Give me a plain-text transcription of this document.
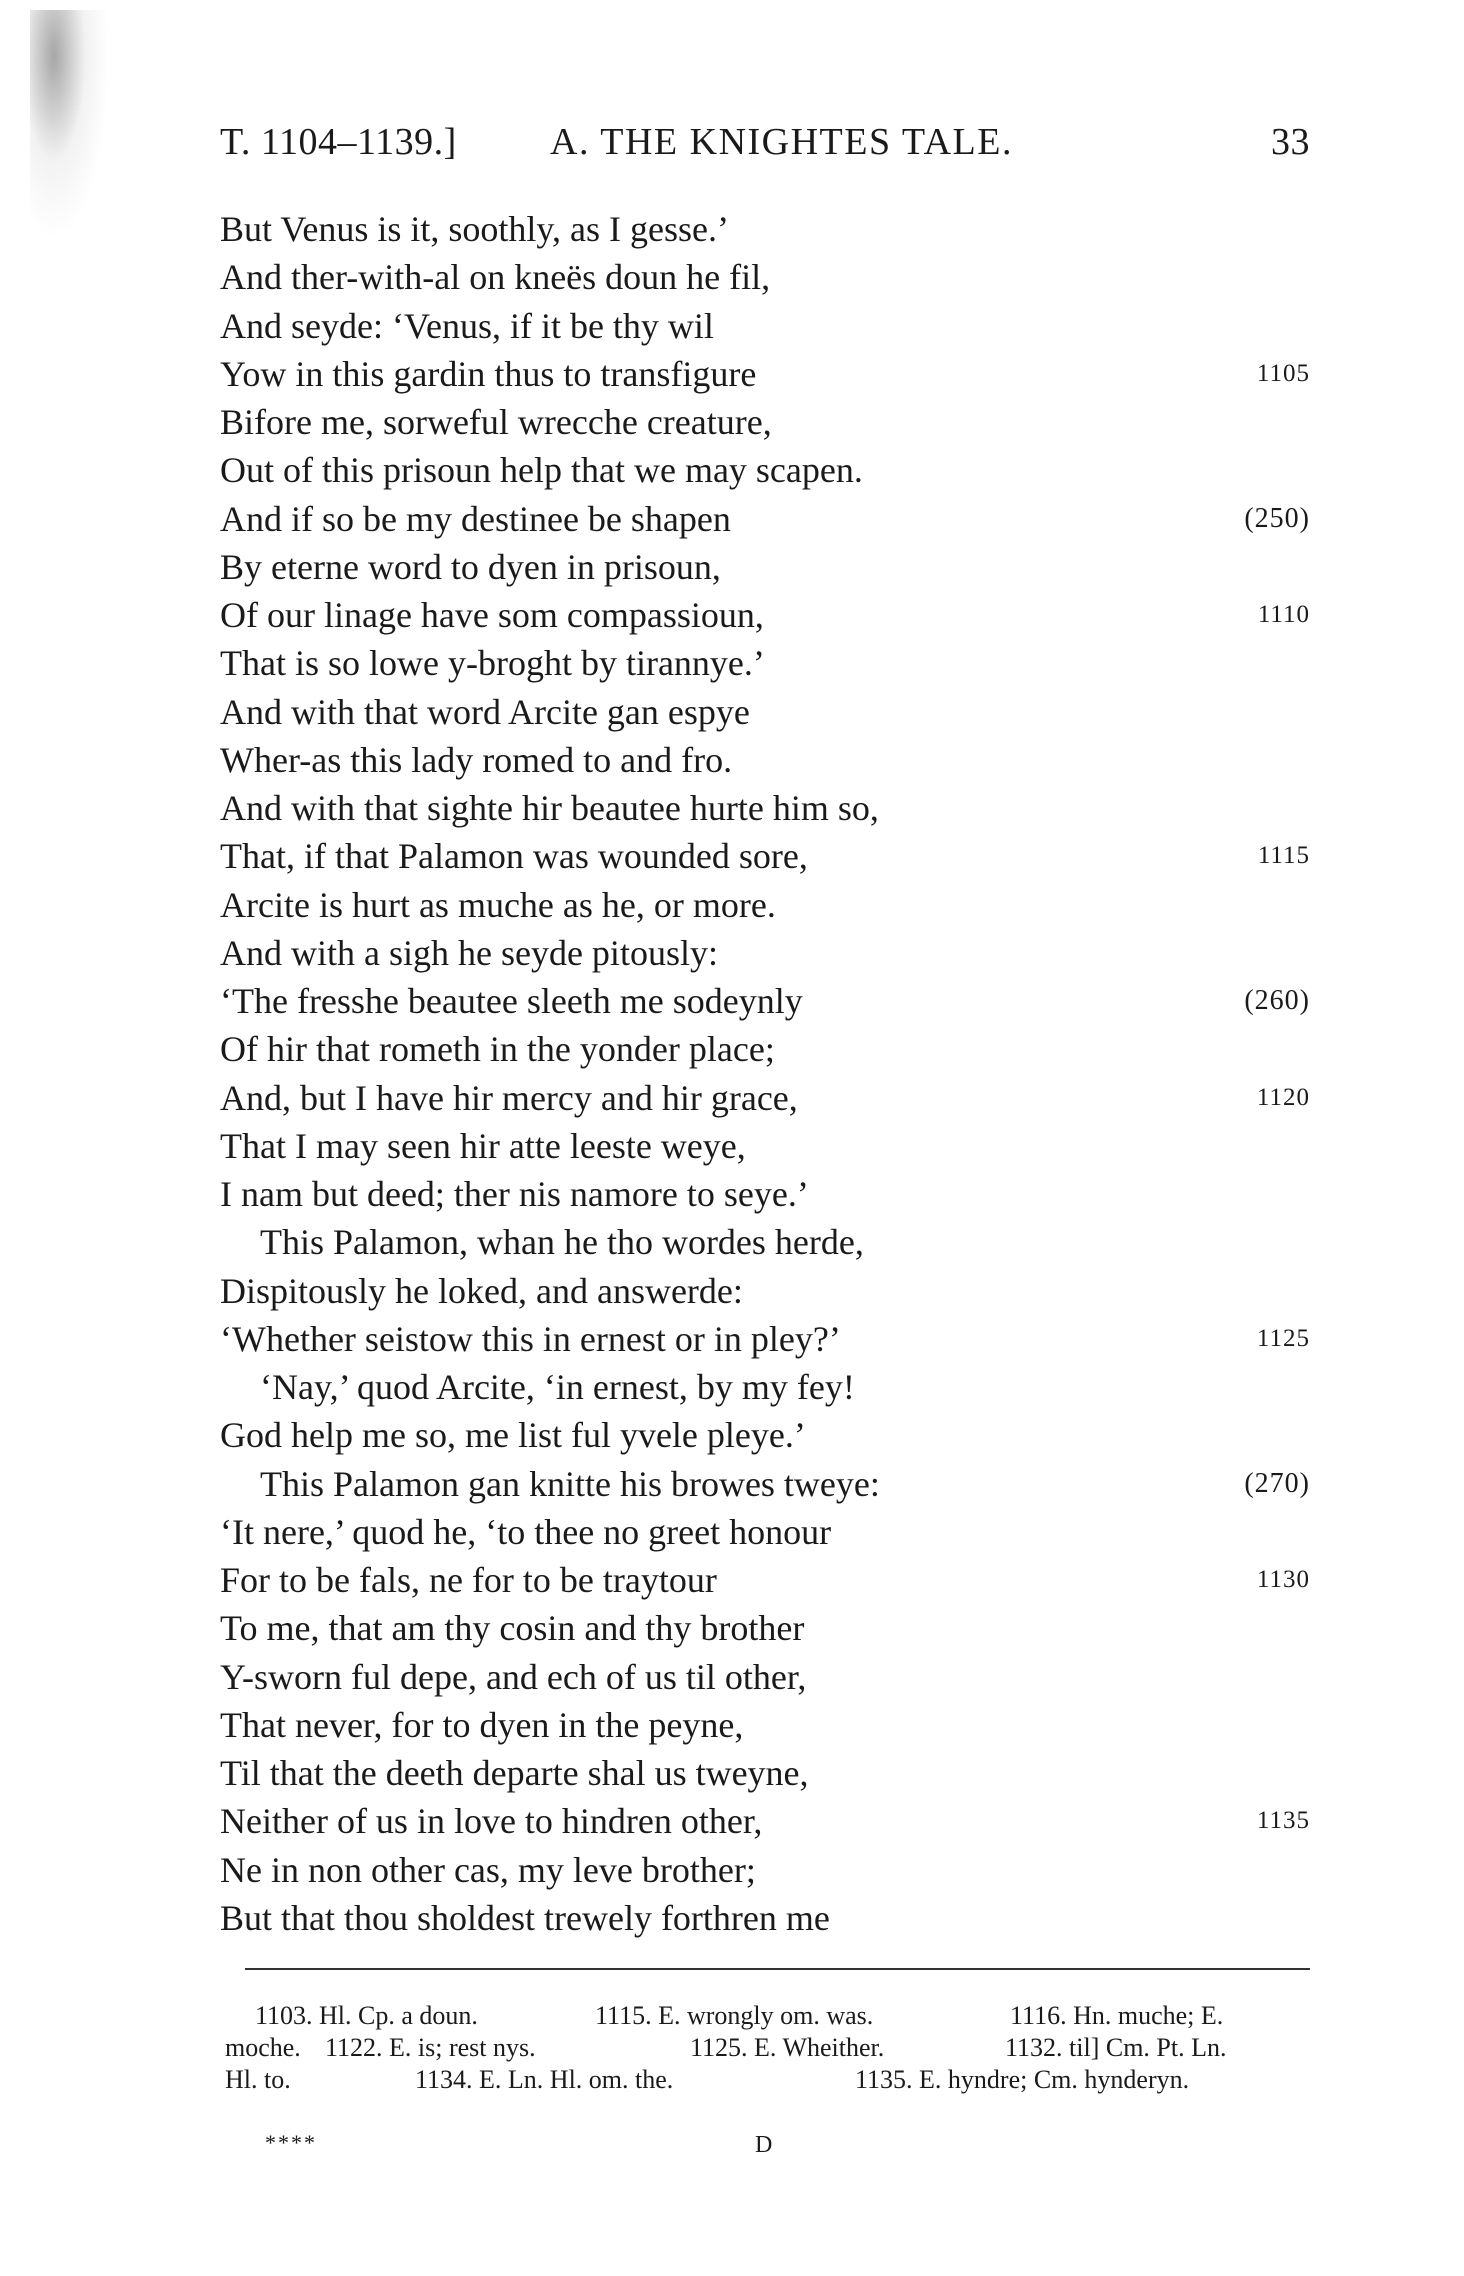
T. 1104–1139.] A. THE KNIGHTES TALE.	33
But Venus is it, soothly, as I gesse.’
And ther-with-al on kneës doun he fil,
And seyde: ‘Venus, if it be thy wil
Yow in this gardin thus to transfigure	1105
Bifore me, sorweful wrecche creature,
Out of this prisoun help that we may scapen.
And if so be my destinee be shapen	(250)
By eterne word to dyen in prisoun,
Of our linage have som compassioun,	1110
That is so lowe y-broght by tirannye.’
And with that word Arcite gan espye
Wher-as this lady romed to and fro.
And with that sighte hir beautee hurte him so,
That, if that Palamon was wounded sore,	1115
Arcite is hurt as muche as he, or more.
And with a sigh he seyde pitously:
‘The fresshe beautee sleeth me sodeynly	(260)
Of hir that rometh in the yonder place;
And, but I have hir mercy and hir grace,	1120
That I may seen hir atte leeste weye,
I nam but deed; ther nis namore to seye.’
This Palamon, whan he tho wordes herde,
Dispitously he loked, and answerde:
‘Whether seistow this in ernest or in pley?’	1125
‘Nay,’ quod Arcite, ‘in ernest, by my fey!
God help me so, me list ful yvele pleye.’
This Palamon gan knitte his browes tweye:	(270)
‘It nere,’ quod he, ‘to thee no greet honour
For to be fals, ne for to be traytour	1130
To me, that am thy cosin and thy brother
Y-sworn ful depe, and ech of us til other,
That never, for to dyen in the peyne,
Til that the deeth departe shal us tweyne,
Neither of us in love to hindren other,	1135
Ne in non other cas, my leve brother;
But that thou sholdest trewely forthren me
1103. Hl. Cp. a doun.	1115. E. wrongly om. was.	1116. Hn. muche; E.
moche. 1122. E. is; rest nys.	1125. E. Wheither.	1132. til] Cm. Pt. Ln.
Hl. to.	1134. E. Ln. Hl. om. the.	1135. E. hyndre; Cm. hynderyn.
****	D
